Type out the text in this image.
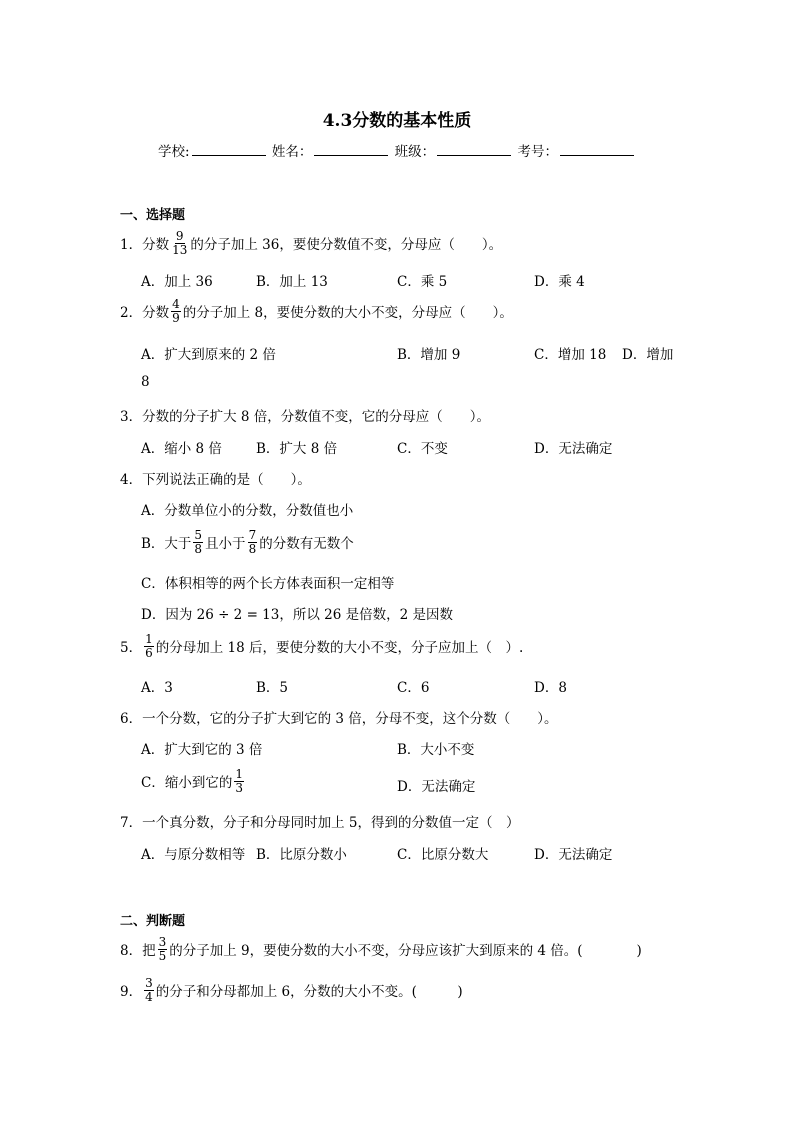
4.3分数的基本性质
学校:	姓名：	班级：	考号：
一、选择题
1．分数 $\frac{9}{13}$ 的分子加上 36，要使分数值不变，分母应（　　）。
A．加上 36	B．加上 13	C．乘 5	D．乘 4
2．分数 $\frac{4}{9}$ 的分子加上 8，要使分数的大小不变，分母应（　　）。
A．扩大到原来的 2 倍	B．增加 9	C．增加 18 D．增加
8
3．分数的分子扩大 8 倍，分数值不变，它的分母应（　　）。
A．缩小 8 倍	B．扩大 8 倍	C．不变	D．无法确定
4．下列说法正确的是（　　）。
A．分数单位小的分数，分数值也小
B．大于 $\frac{5}{8}$ 且小于 $\frac{7}{8}$ 的分数有无数个
C．体积相等的两个长方体表面积一定相等
D．因为 26 ÷ 2 = 13，所以 26 是倍数，2 是因数
5． $\frac{1}{6}$ 的分母加上 18 后，要使分数的大小不变，分子应加上（　）.
A．3	B．5	C．6	D．8
6．一个分数，它的分子扩大到它的 3 倍，分母不变，这个分数（　　）。
A．扩大到它的 3 倍	B．大小不变
C．缩小到它的 $\frac{1}{3}$	D．无法确定
7．一个真分数，分子和分母同时加上 5，得到的分数值一定（　）
A．与原分数相等 B．比原分数小	C．比原分数大	D．无法确定
二、判断题
8．把 $\frac{3}{5}$ 的分子加上 9，要使分数的大小不变，分母应该扩大到原来的 4 倍。(　　　　)
9． $\frac{3}{4}$ 的分子和分母都加上 6，分数的大小不变。(　　　)
